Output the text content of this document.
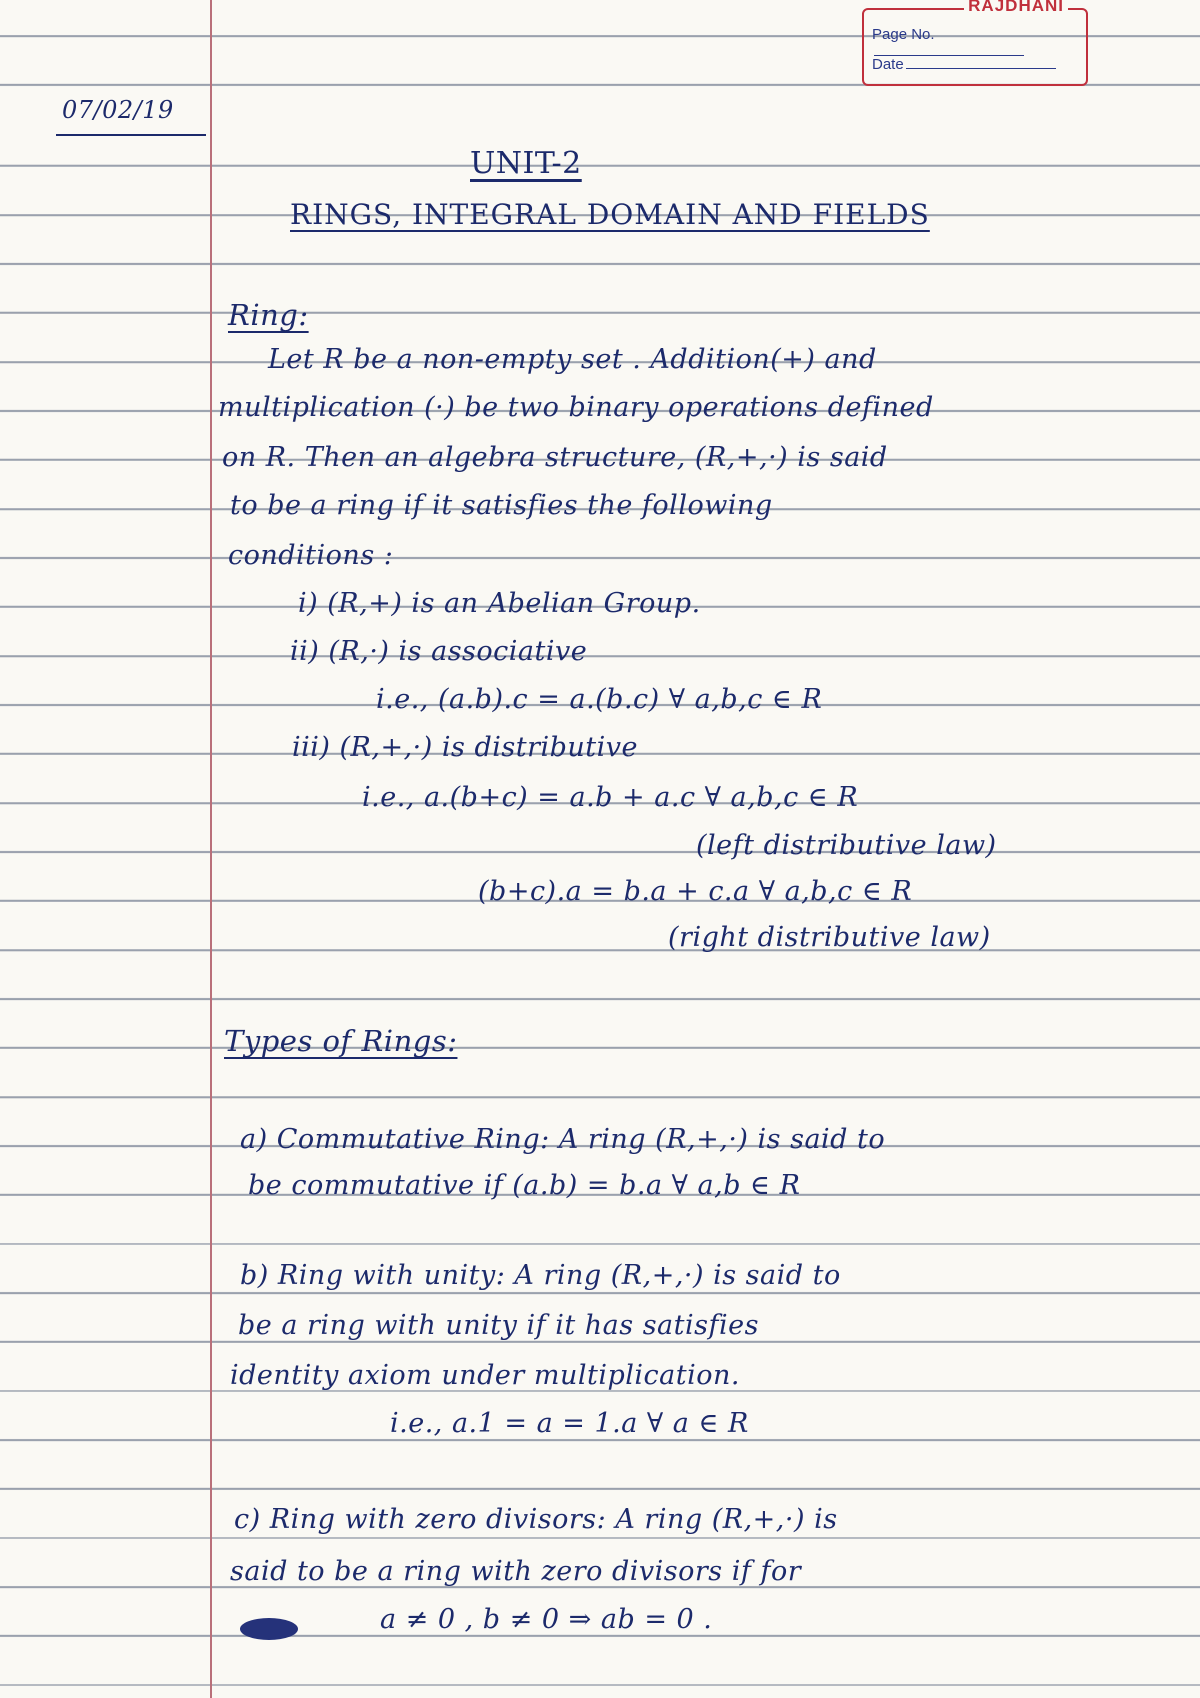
RAJDHANI
Page No.
Date
07/02/19
UNIT-2
RINGS, INTEGRAL DOMAIN AND FIELDS
Ring:
Let R be a non-empty set . Addition(+) and
multiplication (·) be two binary operations defined
on R. Then an algebra structure, (R,+,·) is said
to be a ring if it satisfies the following
conditions :
i) (R,+) is an Abelian Group.
ii) (R,·) is associative
i.e., (a.b).c = a.(b.c) ∀ a,b,c ∈ R
iii) (R,+,·) is distributive
i.e., a.(b+c) = a.b + a.c ∀ a,b,c ∈ R
(left distributive law)
(b+c).a = b.a + c.a ∀ a,b,c ∈ R
(right distributive law)
Types of Rings:
a) Commutative Ring: A ring (R,+,·) is said to
be commutative if (a.b) = b.a ∀ a,b ∈ R
b) Ring with unity: A ring (R,+,·) is said to
be a ring with unity if it has satisfies
identity axiom under multiplication.
i.e., a.1 = a = 1.a ∀ a ∈ R
c) Ring with zero divisors: A ring (R,+,·) is
said to be a ring with zero divisors if for
a ≠ 0 , b ≠ 0 ⇒ ab = 0 .
